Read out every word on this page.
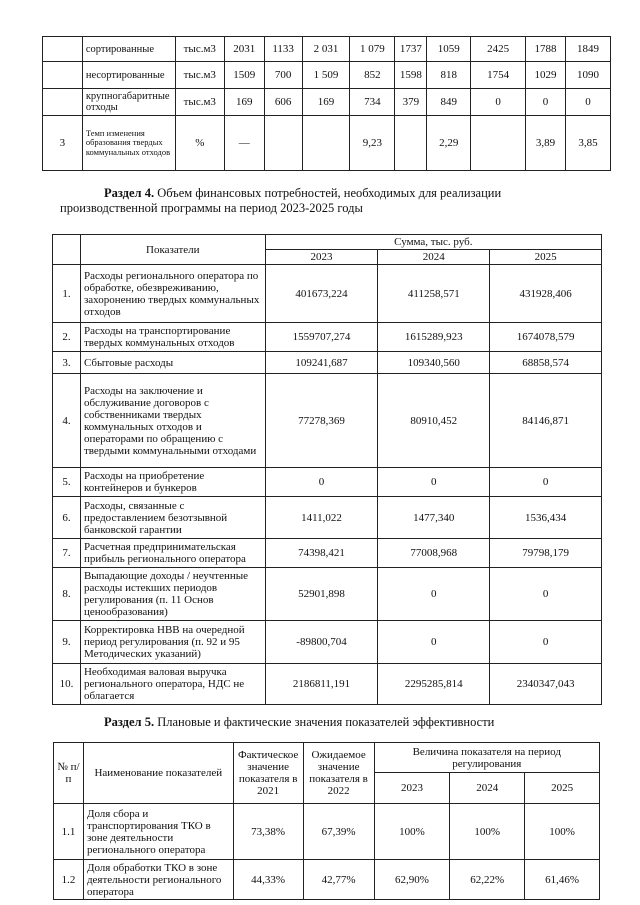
	сортированные	тыс.м3	2031	1133	2 031	1 079	1737	1059	2425	1788	1849
	несортированные	тыс.м3	1509	700	1 509	852	1598	818	1754	1029	1090
	крупногабаритные отходы	тыс.м3	169	606	169	734	379	849	0	0	0
3	Темп изменения образования твердых коммунальных отходов	%	—			9,23		2,29		3,89	3,85
Раздел 4. Объем финансовых потребностей, необходимых для реализации производственной программы на период 2023-2025 годы
	Показатели	Сумма, тыс. руб.		
		2023	2024	2025
1.	Расходы регионального оператора по обработке, обезвреживанию, захоронению твердых коммунальных отходов	401673,224	411258,571	431928,406
2.	Расходы на транспортирование твердых коммунальных отходов	1559707,274	1615289,923	1674078,579
3.	Сбытовые расходы	109241,687	109340,560	68858,574
4.	Расходы на заключение и обслуживание договоров с собственниками твердых коммунальных отходов и операторами по обращению с твердыми коммунальными отходами	77278,369	80910,452	84146,871
5.	Расходы на приобретение контейнеров и бункеров	0	0	0
6.	Расходы, связанные с предоставлением безотзывной банковской гарантии	1411,022	1477,340	1536,434
7.	Расчетная предпринимательская прибыль регионального оператора	74398,421	77008,968	79798,179
8.	Выпадающие доходы / неучтенные расходы истекших периодов регулирования (п. 11 Основ ценообразования)	52901,898	0	0
9.	Корректировка НВВ на очередной период регулирования (п. 92 и 95 Методических указаний)	-89800,704	0	0
10.	Необходимая валовая выручка регионального оператора, НДС не облагается	2186811,191	2295285,814	2340347,043
Раздел 5. Плановые и фактические значения показателей эффективности
№ п/п	Наименование показателей	Фактическое значение показателя в 2021	Ожидаемое значение показателя в 2022	Величина показателя на период регулирования		
				2023	2024	2025
1.1	Доля сбора и транспортирования ТКО в зоне деятельности регионального оператора	73,38%	67,39%	100%	100%	100%
1.2	Доля обработки ТКО в зоне деятельности регионального оператора	44,33%	42,77%	62,90%	62,22%	61,46%
